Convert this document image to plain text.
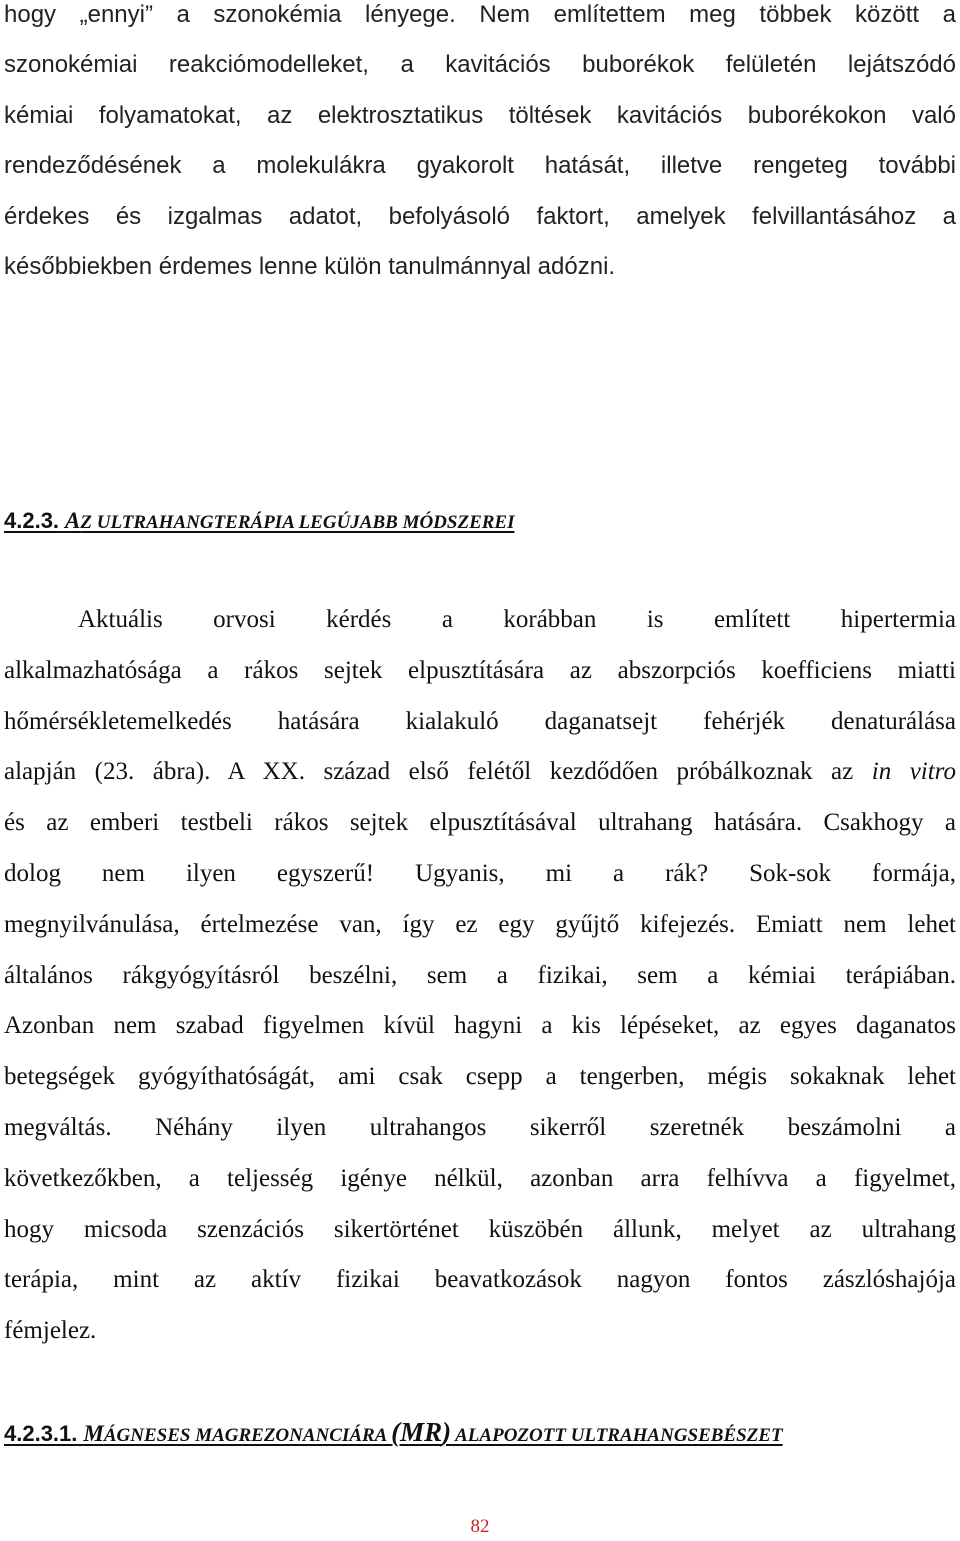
hogy „ennyi” a szonokémia lényege. Nem említettem meg többek között a
szonokémiai reakciómodelleket, a kavitációs buborékok felületén lejátszódó
kémiai folyamatokat, az elektrosztatikus töltések kavitációs buborékokon való
rendeződésének a molekulákra gyakorolt hatását, illetve rengeteg további
érdekes és izgalmas adatot, befolyásoló faktort, amelyek felvillantásához a
későbbiekben érdemes lenne külön tanulmánnyal adózni.
4.2.3. AZ ULTRAHANGTERÁPIA LEGÚJABB MÓDSZEREI
Aktuális orvosi kérdés a korábban is említett hipertermia
alkalmazhatósága a rákos sejtek elpusztítására az abszorpciós koefficiens miatti
hőmérsékletemelkedés hatására kialakuló daganatsejt fehérjék denaturálása
alapján (23. ábra). A XX. század első felétől kezdődően próbálkoznak az in vitro
és az emberi testbeli rákos sejtek elpusztításával ultrahang hatására. Csakhogy a
dolog nem ilyen egyszerű! Ugyanis, mi a rák? Sok-sok formája,
megnyilvánulása, értelmezése van, így ez egy gyűjtő kifejezés. Emiatt nem lehet
általános rákgyógyításról beszélni, sem a fizikai, sem a kémiai terápiában.
Azonban nem szabad figyelmen kívül hagyni a kis lépéseket, az egyes daganatos
betegségek gyógyíthatóságát, ami csak csepp a tengerben, mégis sokaknak lehet
megváltás. Néhány ilyen ultrahangos sikerről szeretnék beszámolni a
következőkben, a teljesség igénye nélkül, azonban arra felhívva a figyelmet,
hogy micsoda szenzációs sikertörténet küszöbén állunk, melyet az ultrahang
terápia, mint az aktív fizikai beavatkozások nagyon fontos zászlóshajója
fémjelez.
4.2.3.1. MÁGNESES MAGREZONANCIÁRA (MR) ALAPOZOTT ULTRAHANGSEBÉSZET

82
